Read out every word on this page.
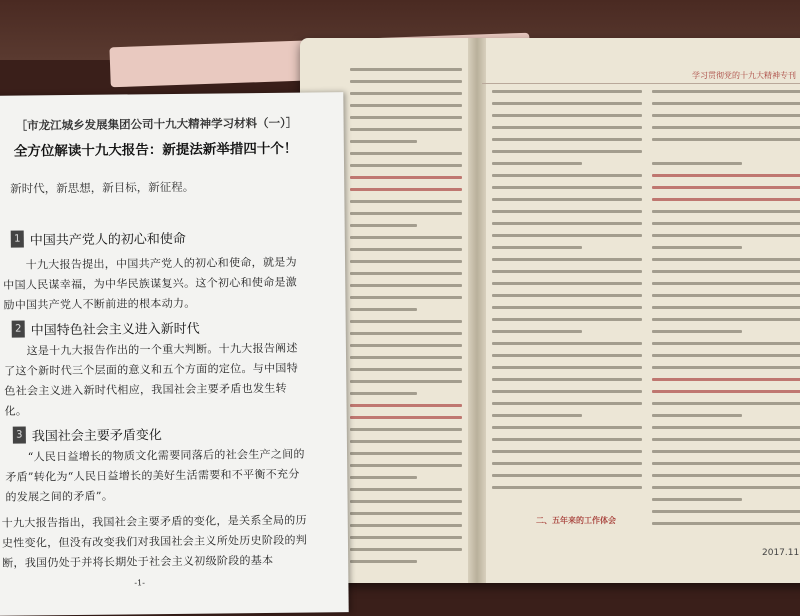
学习贯彻党的十九大精神专刊
二、五年来的工作体会
2017.11

［市龙江城乡发展集团公司十九大精神学习材料（一）］

全方位解读十九大报告：新提法新举措四十个！

新时代，新思想，新目标，新征程。

1 中国共产党人的初心和使命

　　十九大报告提出，中国共产党人的初心和使命，就是为中国人民谋幸福，为中华民族谋复兴。这个初心和使命是激励中国共产党人不断前进的根本动力。

2 中国特色社会主义进入新时代

　　这是十九大报告作出的一个重大判断。十九大报告阐述了这个新时代三个层面的意义和五个方面的定位。与中国特色社会主义进入新时代相应，我国社会主要矛盾也发生转化。

3 我国社会主要矛盾变化

　　“人民日益增长的物质文化需要同落后的社会生产之间的矛盾”转化为“人民日益增长的美好生活需要和不平衡不充分的发展之间的矛盾”。

十九大报告指出，我国社会主要矛盾的变化，是关系全局的历史性变化，但没有改变我们对我国社会主义所处历史阶段的判断，我国仍处于并将长期处于社会主义初级阶段的基本

-1-
